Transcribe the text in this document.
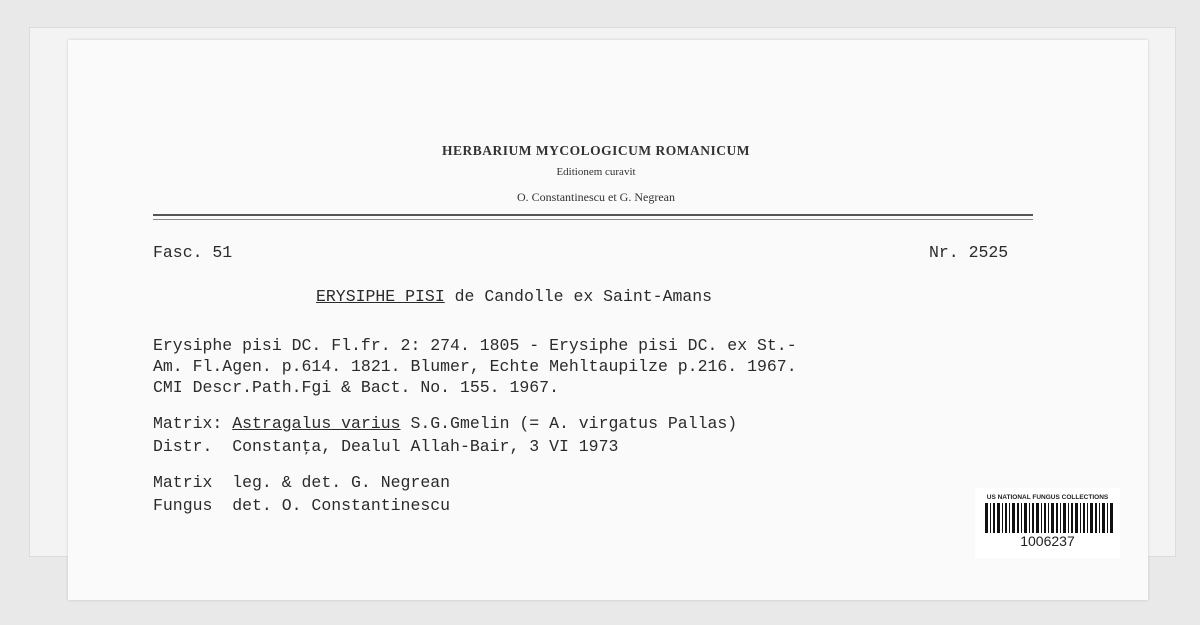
HERBARIUM MYCOLOGICUM ROMANICUM
Editionem curavit
O. Constantinescu et G. Negrean
Fasc. 51	Nr. 2525
ERYSIPHE PISI de Candolle ex Saint-Amans
Erysiphe pisi DC. Fl.fr. 2: 274. 1805 - Erysiphe pisi DC. ex St.-
Am. Fl.Agen. p.614. 1821. Blumer, Echte Mehltaupilze p.216. 1967.
CMI Descr.Path.Fgi & Bact. No. 155. 1967.
Matrix: Astragalus varius S.G.Gmelin (= A. virgatus Pallas)
Distr.  Constanţa, Dealul Allah-Bair, 3 VI 1973
Matrix  leg. & det. G. Negrean
Fungus  det. O. Constantinescu	US NATIONAL FUNGUS COLLECTIONS
1006237
